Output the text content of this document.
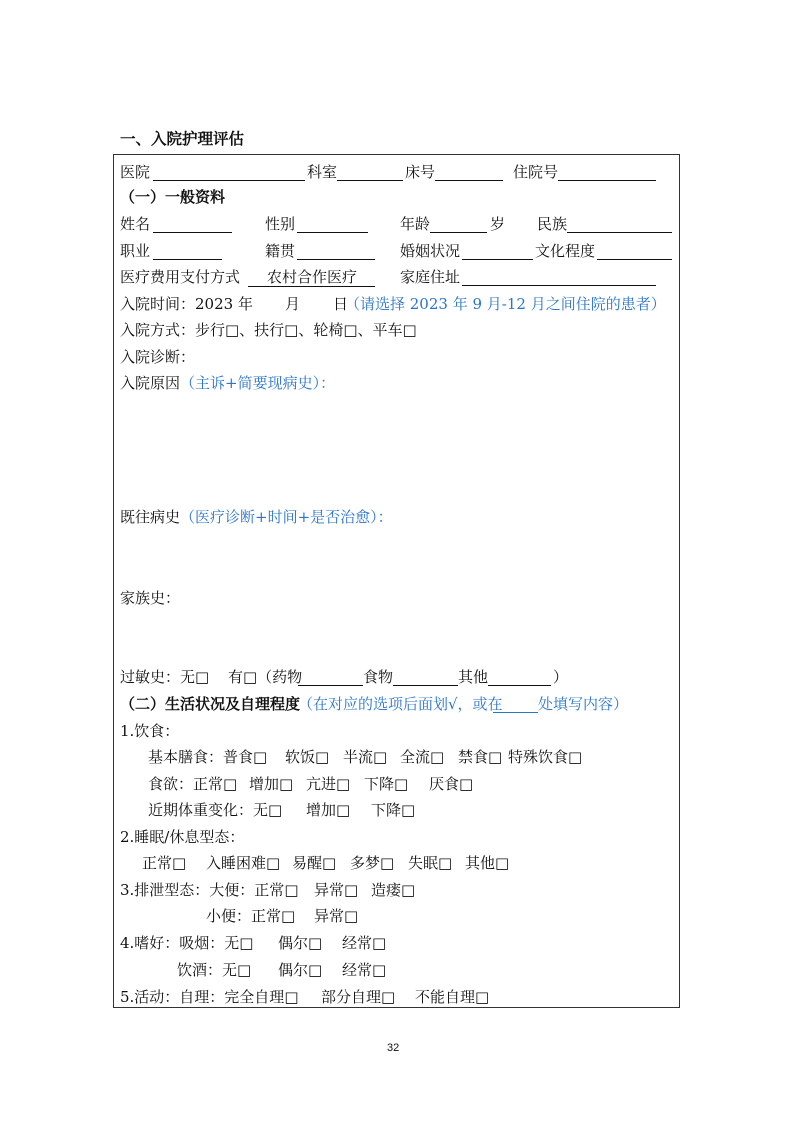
一、入院护理评估
医院	科室	床号	住院号
（一）一般资料
姓名	性别	年龄	岁 民族
职业	籍贯	婚姻状况	文化程度
医疗费用支付方式	农村合作医疗	家庭住址
入院时间：2023 年 月 日
（请选择 2023 年 9 月-12 月之间住院的患者）
入院方式：步行□、扶行□、轮椅□、平车□
入院诊断：
入院原因（主诉+简要现病史）：
既往病史（医疗诊断+时间+是否治愈）：
家族史：
过敏史：无□ 有□（药物	食物	其他	）
（二）生活状况及自理程度
（在对应的选项后面划√，或在 处填写内容）
1.饮食：
基本膳食：普食□ 软饭□ 半流□ 全流□ 禁食□ 特殊饮食□
食欲：正常□ 增加□ 亢进□ 下降□ 厌食□
近期体重变化：无□ 增加□ 下降□
2.睡眠/休息型态：
正常□ 入睡困难□ 易醒□ 多梦□ 失眠□ 其他□
3.排泄型态：大便：正常□ 异常□ 造瘘□
小便：正常□ 异常□
4.嗜好：吸烟：无□ 偶尔□ 经常□
饮酒：无□ 偶尔□ 经常□
5.活动：自理：完全自理□ 部分自理□ 不能自理□
32
